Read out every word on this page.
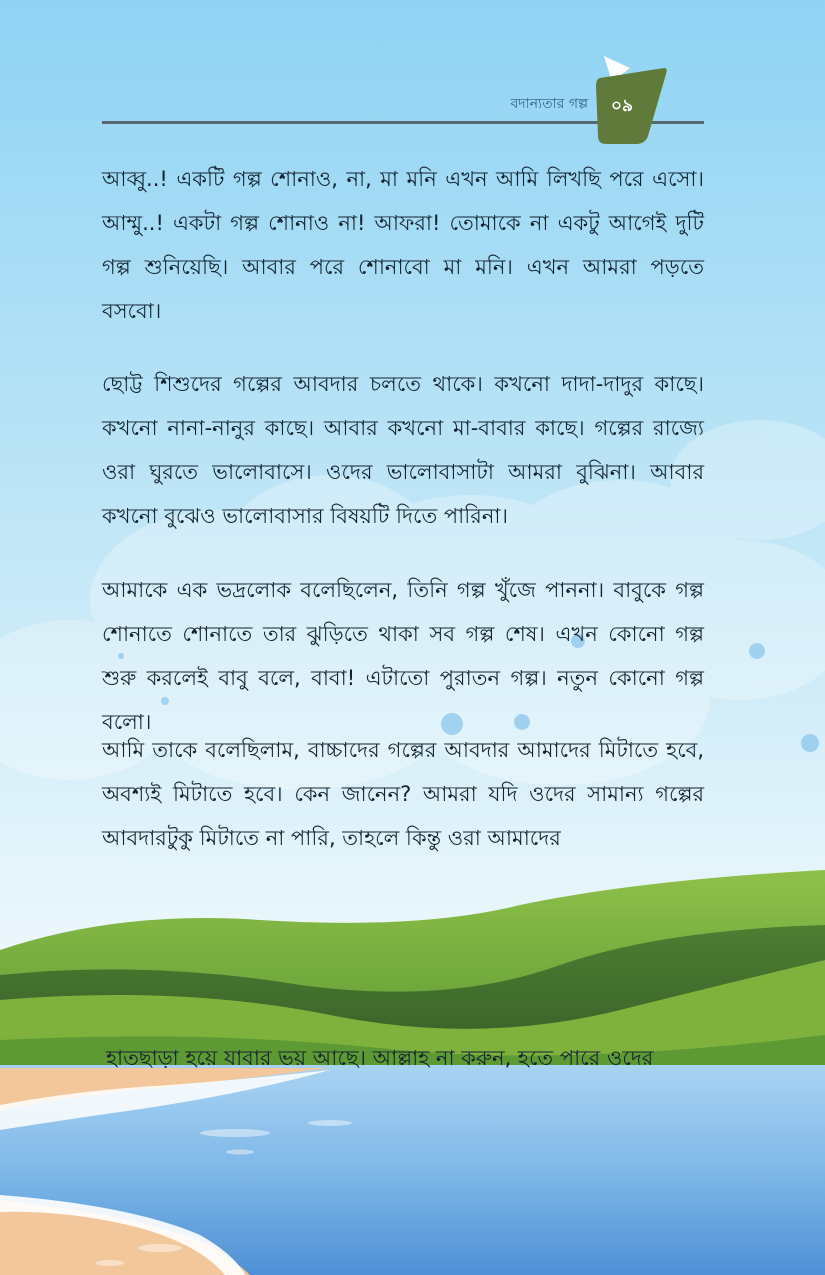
বদান্যতার গল্প	০৯

আব্বু..! একটি গল্প শোনাও, না, মা মনি এখন আমি লিখছি পরে এসো। আম্মু..! একটা গল্প শোনাও না! আফরা! তোমাকে না একটু আগেই দুটি গল্প শুনিয়েছি। আবার পরে শোনাবো মা মনি। এখন আমরা পড়তে বসবো।

ছোট্ট শিশুদের গল্পের আবদার চলতে থাকে। কখনো দাদা-দাদুর কাছে। কখনো নানা-নানুর কাছে। আবার কখনো মা-বাবার কাছে। গল্পের রাজ্যে ওরা ঘুরতে ভালোবাসে। ওদের ভালোবাসাটা আমরা বুঝিনা। আবার কখনো বুঝেও ভালোবাসার বিষয়টি দিতে পারিনা।

আমাকে এক ভদ্রলোক বলেছিলেন, তিনি গল্প খুঁজে পাননা। বাবুকে গল্প শোনাতে শোনাতে তার ঝুড়িতে থাকা সব গল্প শেষ। এখন কোনো গল্প শুরু করলেই বাবু বলে, বাবা! এটাতো পুরাতন গল্প। নতুন কোনো গল্প বলো।

আমি তাকে বলেছিলাম, বাচ্চাদের গল্পের আবদার আমাদের মিটাতে হবে, অবশ্যই মিটাতে হবে। কেন জানেন? আমরা যদি ওদের সামান্য গল্পের আবদারটুকু মিটাতে না পারি, তাহলে কিন্তু ওরা আমাদের

হাতছাড়া হয়ে যাবার ভয় আছে। আল্লাহ না করুন, হতে পারে ওদের
